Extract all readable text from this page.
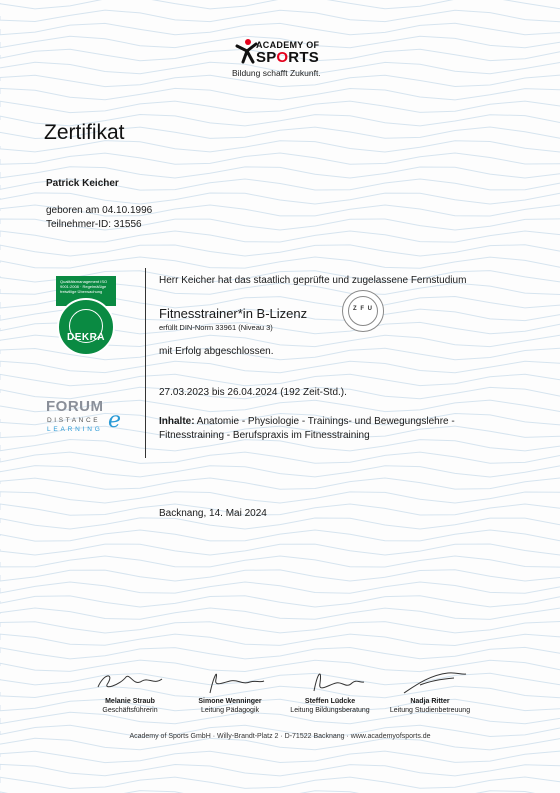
ACADEMY OF
SPORTS
Bildung schafft Zukunft.
Zertifikat
Patrick Keicher
geboren am 04.10.1996
Teilnehmer-ID: 31556
Qualitätsmanagement ISO 9001:2008 · Regelmäßige freiwillige Überwachung
DEKRA
FORUM
DISTANCE
LEARNING e
Herr Keicher hat das staatlich geprüfte und zugelassene Fernstudium
Fitnesstrainer*in B-Lizenz
erfüllt DIN-Norm 33961 (Niveau 3)
Z F U
mit Erfolg abgeschlossen.
27.03.2023 bis 26.04.2024 (192 Zeit-Std.).
Inhalte: Anatomie - Physiologie - Trainings- und Bewegungslehre - Fitnesstraining - Berufspraxis im Fitnesstraining
Backnang, 14. Mai 2024
Melanie Straub
Geschäftsführerin
Simone Wenninger
Leitung Pädagogik
Steffen Lüdcke
Leitung Bildungsberatung
Nadja Ritter
Leitung Studienbetreuung
Academy of Sports GmbH · Willy-Brandt-Platz 2 · D-71522 Backnang · www.academyofsports.de
